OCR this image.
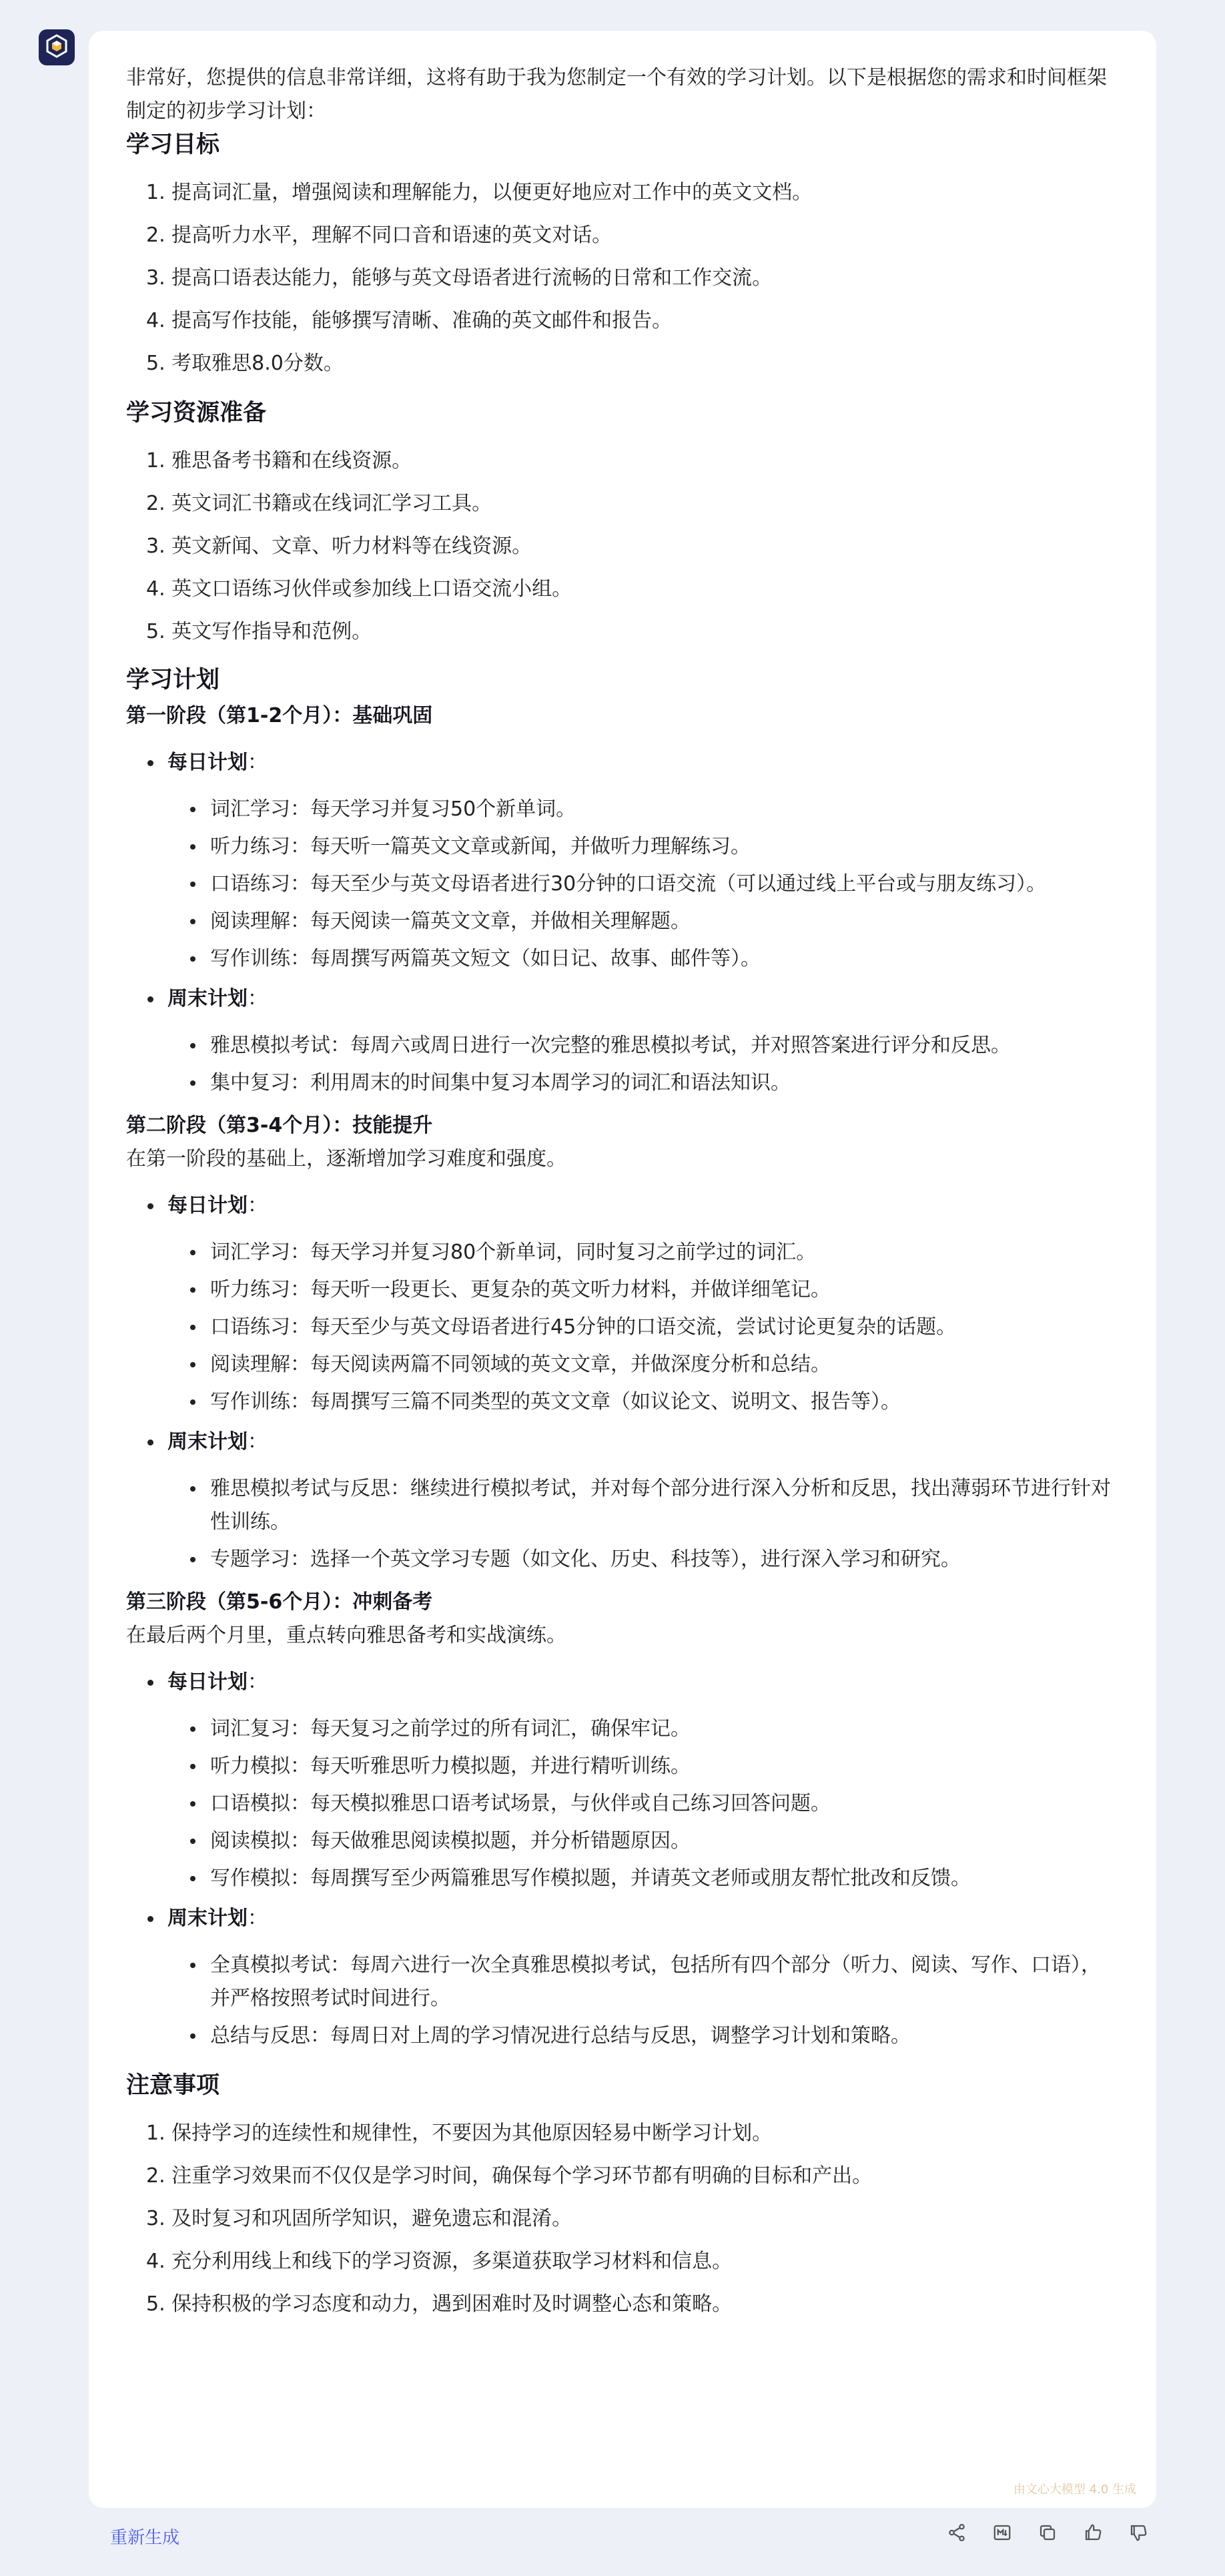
非常好，您提供的信息非常详细，这将有助于我为您制定一个有效的学习计划。以下是根据您的需求和时间框架制定的初步学习计划：

学习目标
1. 提高词汇量，增强阅读和理解能力，以便更好地应对工作中的英文文档。
2. 提高听力水平，理解不同口音和语速的英文对话。
3. 提高口语表达能力，能够与英文母语者进行流畅的日常和工作交流。
4. 提高写作技能，能够撰写清晰、准确的英文邮件和报告。
5. 考取雅思8.0分数。
学习资源准备
1. 雅思备考书籍和在线资源。
2. 英文词汇书籍或在线词汇学习工具。
3. 英文新闻、文章、听力材料等在线资源。
4. 英文口语练习伙伴或参加线上口语交流小组。
5. 英文写作指导和范例。
学习计划
第一阶段（第1-2个月）：基础巩固
每日计划：
词汇学习：每天学习并复习50个新单词。
听力练习：每天听一篇英文文章或新闻，并做听力理解练习。
口语练习：每天至少与英文母语者进行30分钟的口语交流（可以通过线上平台或与朋友练习）。
阅读理解：每天阅读一篇英文文章，并做相关理解题。
写作训练：每周撰写两篇英文短文（如日记、故事、邮件等）。
周末计划：
雅思模拟考试：每周六或周日进行一次完整的雅思模拟考试，并对照答案进行评分和反思。
集中复习：利用周末的时间集中复习本周学习的词汇和语法知识。
第二阶段（第3-4个月）：技能提升
在第一阶段的基础上，逐渐增加学习难度和强度。
每日计划：
词汇学习：每天学习并复习80个新单词，同时复习之前学过的词汇。
听力练习：每天听一段更长、更复杂的英文听力材料，并做详细笔记。
口语练习：每天至少与英文母语者进行45分钟的口语交流，尝试讨论更复杂的话题。
阅读理解：每天阅读两篇不同领域的英文文章，并做深度分析和总结。
写作训练：每周撰写三篇不同类型的英文文章（如议论文、说明文、报告等）。
周末计划：
雅思模拟考试与反思：继续进行模拟考试，并对每个部分进行深入分析和反思，找出薄弱环节进行针对性训练。
专题学习：选择一个英文学习专题（如文化、历史、科技等），进行深入学习和研究。
第三阶段（第5-6个月）：冲刺备考
在最后两个月里，重点转向雅思备考和实战演练。
每日计划：
词汇复习：每天复习之前学过的所有词汇，确保牢记。
听力模拟：每天听雅思听力模拟题，并进行精听训练。
口语模拟：每天模拟雅思口语考试场景，与伙伴或自己练习回答问题。
阅读模拟：每天做雅思阅读模拟题，并分析错题原因。
写作模拟：每周撰写至少两篇雅思写作模拟题，并请英文老师或朋友帮忙批改和反馈。
周末计划：
全真模拟考试：每周六进行一次全真雅思模拟考试，包括所有四个部分（听力、阅读、写作、口语），并严格按照考试时间进行。
总结与反思：每周日对上周的学习情况进行总结与反思，调整学习计划和策略。
注意事项
1. 保持学习的连续性和规律性，不要因为其他原因轻易中断学习计划。
2. 注重学习效果而不仅仅是学习时间，确保每个学习环节都有明确的目标和产出。
3. 及时复习和巩固所学知识，避免遗忘和混淆。
4. 充分利用线上和线下的学习资源，多渠道获取学习材料和信息。
5. 保持积极的学习态度和动力，遇到困难时及时调整心态和策略。
由文心大模型 4.0 生成
重新生成
